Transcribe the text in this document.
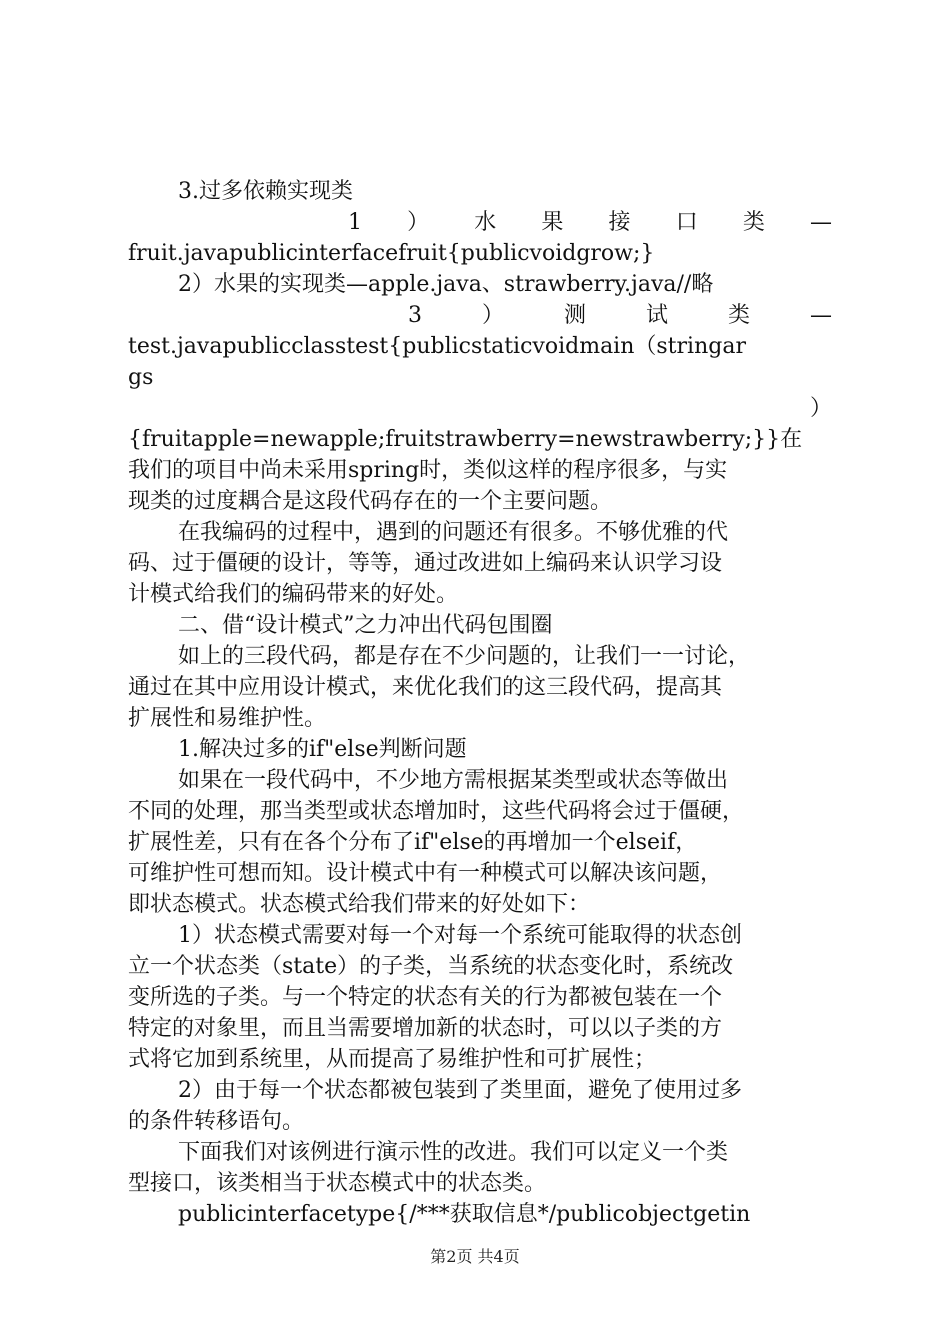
3.过多依赖实现类
1 ） 水 果 接 口 类 —
fruit.javapublicinterfacefruit{publicvoidgrow;}
2）水果的实现类—apple.java、strawberry.java//略
3	）	测	试	类	—
test.javapublicclasstest{publicstaticvoidmain（stringar
gs
）
{fruitapple=newapple;fruitstrawberry=newstrawberry;}}在
我们的项目中尚未采用spring时，类似这样的程序很多，与实
现类的过度耦合是这段代码存在的一个主要问题。
在我编码的过程中，遇到的问题还有很多。不够优雅的代
码、过于僵硬的设计，等等，通过改进如上编码来认识学习设
计模式给我们的编码带来的好处。
二、借“设计模式”之力冲出代码包围圈
如上的三段代码，都是存在不少问题的，让我们一一讨论，
通过在其中应用设计模式，来优化我们的这三段代码，提高其
扩展性和易维护性。
1.解决过多的if"else判断问题
如果在一段代码中，不少地方需根据某类型或状态等做出
不同的处理，那当类型或状态增加时，这些代码将会过于僵硬，
扩展性差，只有在各个分布了if"else的再增加一个elseif，
可维护性可想而知。设计模式中有一种模式可以解决该问题，
即状态模式。状态模式给我们带来的好处如下：
1）状态模式需要对每一个对每一个系统可能取得的状态创
立一个状态类（state）的子类，当系统的状态变化时，系统改
变所选的子类。与一个特定的状态有关的行为都被包装在一个
特定的对象里，而且当需要增加新的状态时，可以以子类的方
式将它加到系统里，从而提高了易维护性和可扩展性；
2）由于每一个状态都被包装到了类里面，避免了使用过多
的条件转移语句。
下面我们对该例进行演示性的改进。我们可以定义一个类
型接口，该类相当于状态模式中的状态类。
publicinterfacetype{/***获取信息*/publicobjectgetin
第2页 共4页
